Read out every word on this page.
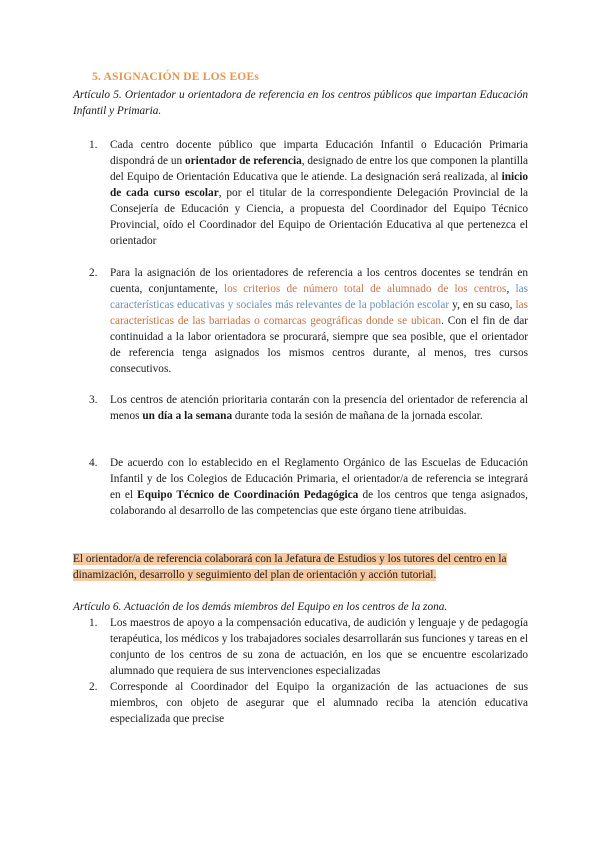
5. ASIGNACIÓN DE LOS EOEs
Artículo 5. Orientador u orientadora de referencia en los centros públicos que impartan Educación Infantil y Primaria.
1. Cada centro docente público que imparta Educación Infantil o Educación Primaria dispondrá de un orientador de referencia, designado de entre los que componen la plantilla del Equipo de Orientación Educativa que le atiende. La designación será realizada, al inicio de cada curso escolar, por el titular de la correspondiente Delegación Provincial de la Consejería de Educación y Ciencia, a propuesta del Coordinador del Equipo Técnico Provincial, oído el Coordinador del Equipo de Orientación Educativa al que pertenezca el orientador
2. Para la asignación de los orientadores de referencia a los centros docentes se tendrán en cuenta, conjuntamente, los criterios de número total de alumnado de los centros, las características educativas y sociales más relevantes de la población escolar y, en su caso, las características de las barriadas o comarcas geográficas donde se ubican. Con el fin de dar continuidad a la labor orientadora se procurará, siempre que sea posible, que el orientador de referencia tenga asignados los mismos centros durante, al menos, tres cursos consecutivos.
3. Los centros de atención prioritaria contarán con la presencia del orientador de referencia al menos un día a la semana durante toda la sesión de mañana de la jornada escolar.
4. De acuerdo con lo establecido en el Reglamento Orgánico de las Escuelas de Educación Infantil y de los Colegios de Educación Primaria, el orientador/a de referencia se integrará en el Equipo Técnico de Coordinación Pedagógica de los centros que tenga asignados, colaborando al desarrollo de las competencias que este órgano tiene atribuidas.
El orientador/a de referencia colaborará con la Jefatura de Estudios y los tutores del centro en la dinamización, desarrollo y seguimiento del plan de orientación y acción tutorial.
Artículo 6. Actuación de los demás miembros del Equipo en los centros de la zona.
1. Los maestros de apoyo a la compensación educativa, de audición y lenguaje y de pedagogía terapéutica, los médicos y los trabajadores sociales desarrollarán sus funciones y tareas en el conjunto de los centros de su zona de actuación, en los que se encuentre escolarizado alumnado que requiera de sus intervenciones especializadas
2. Corresponde al Coordinador del Equipo la organización de las actuaciones de sus miembros, con objeto de asegurar que el alumnado reciba la atención educativa especializada que precise
